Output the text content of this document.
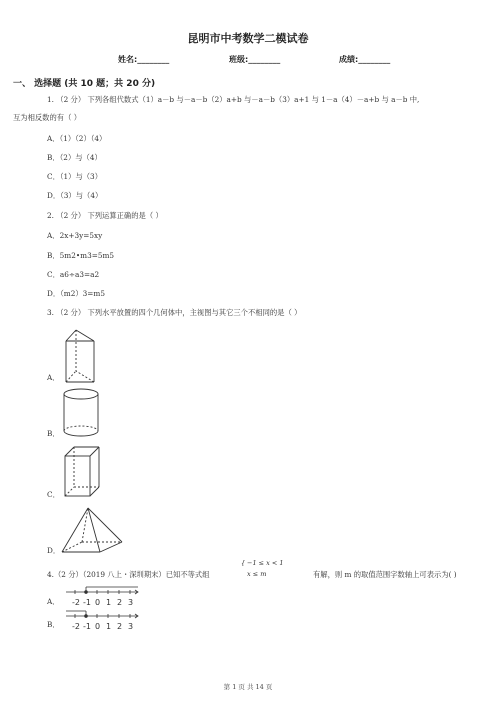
昆明市中考数学二模试卷
姓名:________	班级:________	成绩:________
一、 选择题 (共 10 题；共 20 分)
1. （2 分） 下列各组代数式（1）a－b 与－a－b（2）a+b 与－a－b（3）a+1 与 1－a（4）－a+b 与 a－b 中,
互为相反数的有（ ）
A．（1）（2）（4）
B．（2）与（4）
C．（1）与（3）
D．（3）与（4）
2. （2 分） 下列运算正确的是（ ）
A．2x+3y=5xy
B．5m2•m3=5m5
C．a6÷a3=a2
D．（m2）3=m5
3. （2 分） 下列水平放置的四个几何体中，主视图与其它三个不相同的是（ ）
A．
B．
C．
D．
4.（2 分）（2019 八上・深圳期末）已知不等式组
{ −1 ≤ x < 1
x ≤ m	有解，则 m 的取值范围字数轴上可表示为( )
A． -2 -1 0 1 2 3
B． -2 -1 0 1 2 3
第 1 页 共 14 页
